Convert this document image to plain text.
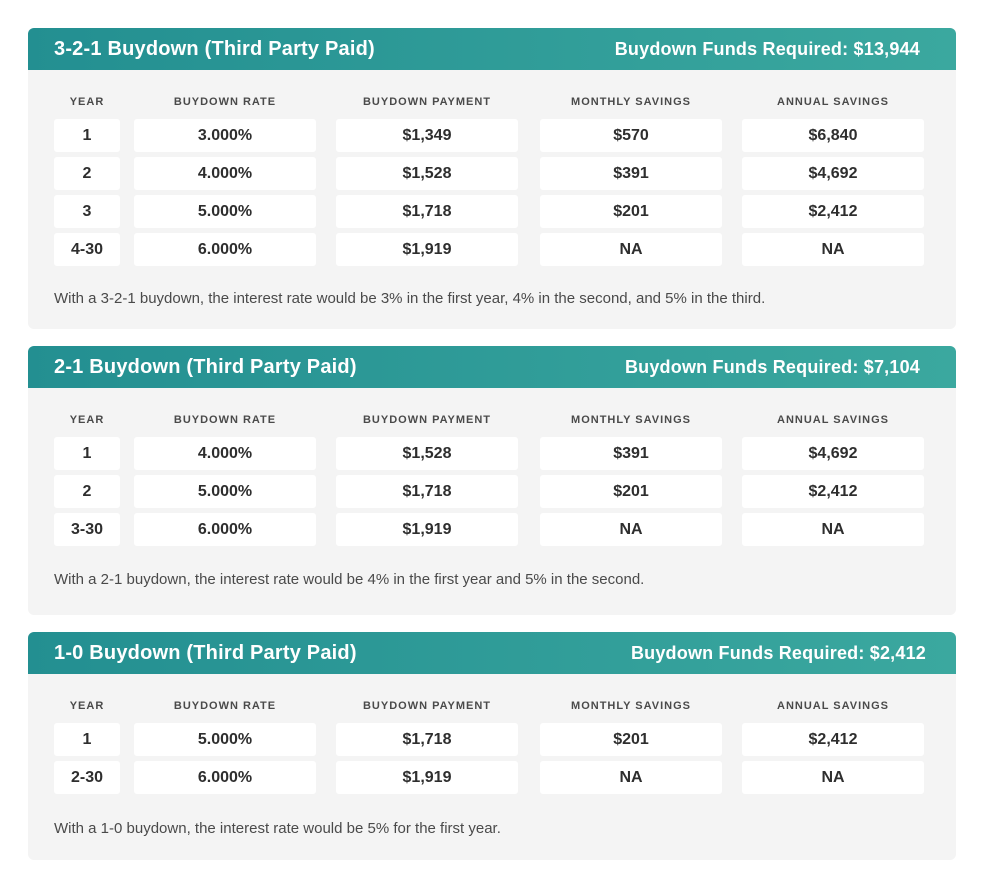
3-2-1 Buydown (Third Party Paid)	Buydown Funds Required: $13,944
YEAR	BUYDOWN RATE	BUYDOWN PAYMENT	MONTHLY SAVINGS	ANNUAL SAVINGS
1	3.000%	$1,349	$570	$6,840
2	4.000%	$1,528	$391	$4,692
3	5.000%	$1,718	$201	$2,412
4-30	6.000%	$1,919	NA	NA
With a 3-2-1 buydown, the interest rate would be 3% in the first year, 4% in the second, and 5% in the third.
2-1 Buydown (Third Party Paid)	Buydown Funds Required: $7,104
YEAR	BUYDOWN RATE	BUYDOWN PAYMENT	MONTHLY SAVINGS	ANNUAL SAVINGS
1	4.000%	$1,528	$391	$4,692
2	5.000%	$1,718	$201	$2,412
3-30	6.000%	$1,919	NA	NA
With a 2-1 buydown, the interest rate would be 4% in the first year and 5% in the second.
1-0 Buydown (Third Party Paid)	Buydown Funds Required: $2,412
YEAR	BUYDOWN RATE	BUYDOWN PAYMENT	MONTHLY SAVINGS	ANNUAL SAVINGS
1	5.000%	$1,718	$201	$2,412
2-30	6.000%	$1,919	NA	NA
With a 1-0 buydown, the interest rate would be 5% for the first year.
